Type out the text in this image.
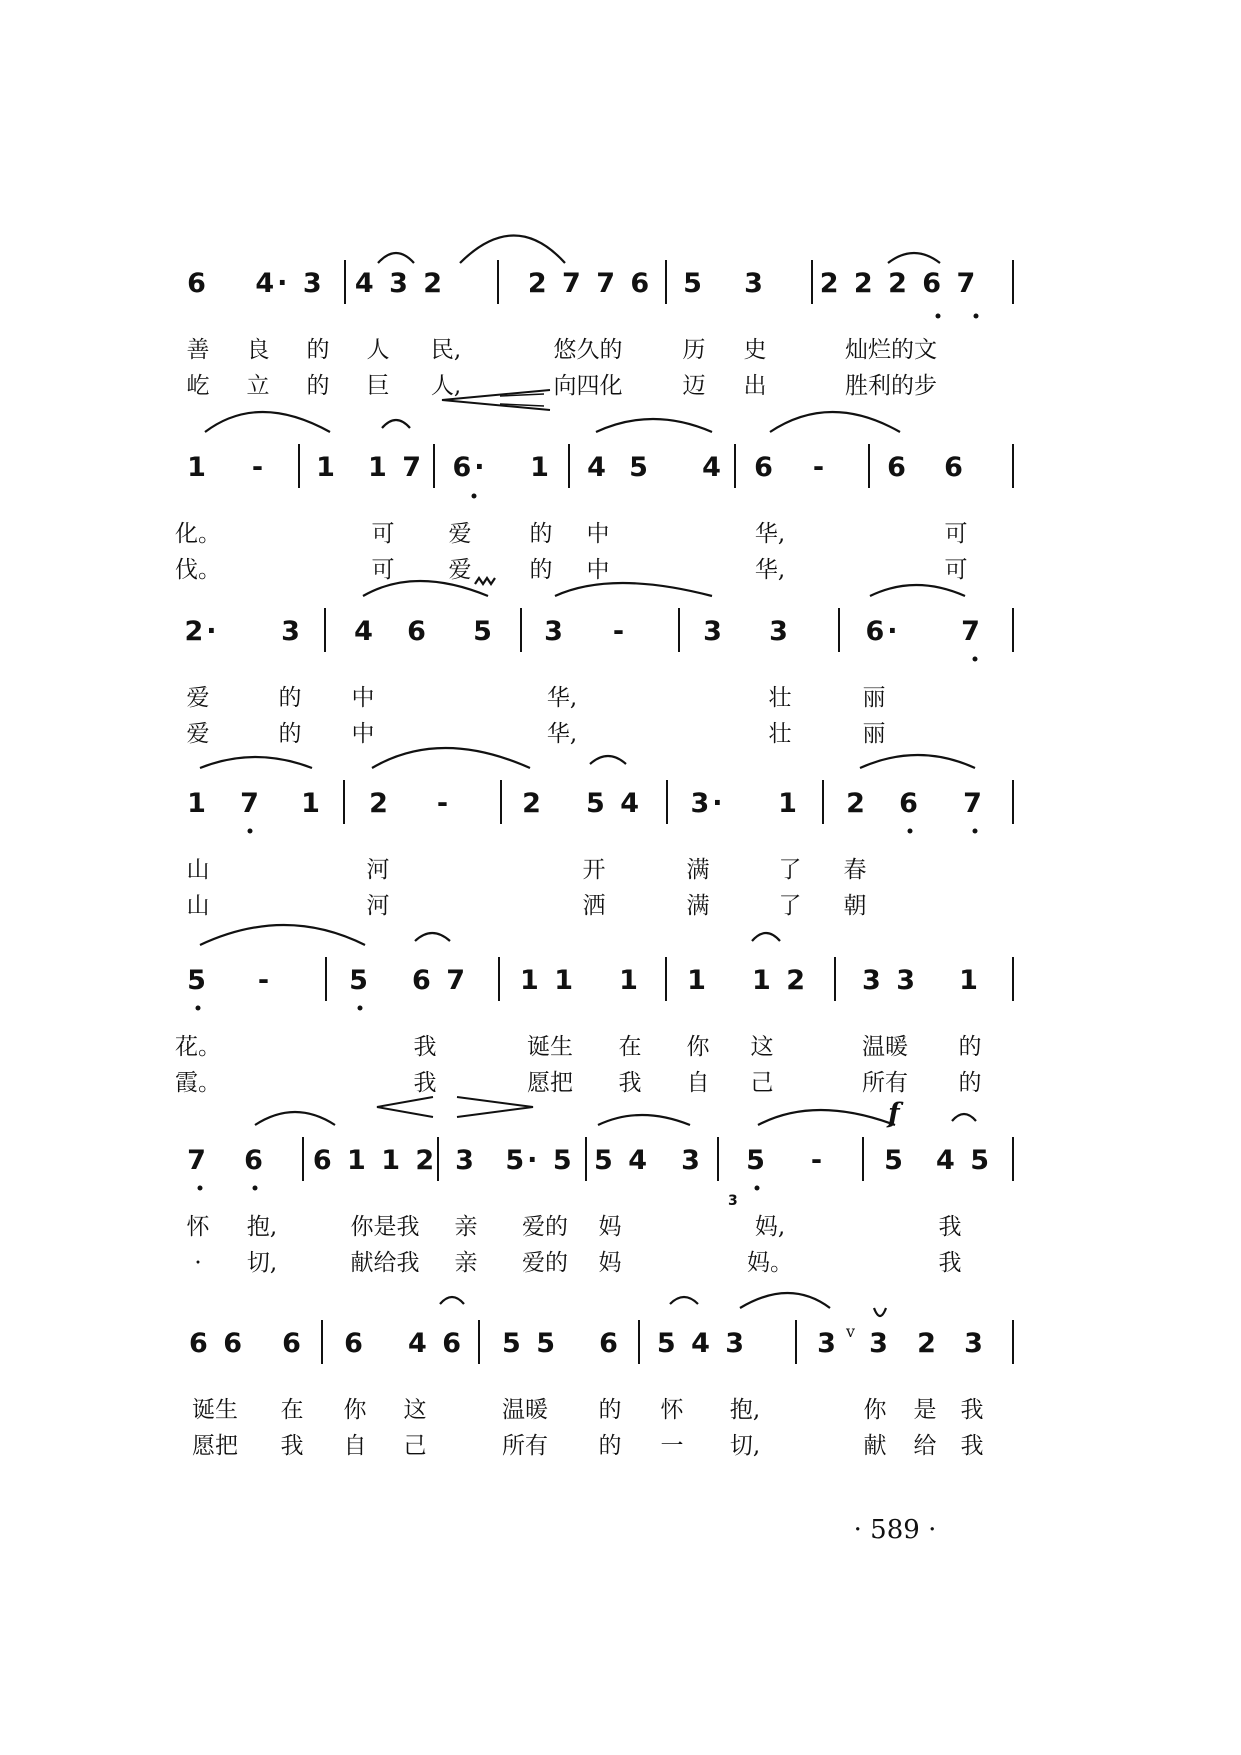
6 4· 3 4 3 2	2 7 7 6 5 3 2 2 2 6 7
善 良 的 人 民,	悠久的	历 史	灿烂的文
屹 立 的 巨 人,	向四化	迈 出	胜利的步
1 - 1 1 7 6· 1 4 5 4 6 - 6 6
化。	可 爱	的 中	华,	可
伐。	可 爱	的 中	华,	可
2· 3 4 6 5 3 -	3 3	6· 7
爱	的 中	华,	壮	丽
爱	的 中	华,	壮	丽
1 7 1 2 -	2 5 4 3· 1 2 6 7
山	河	开	满	了 春
山	河	洒	满	了 朝
5 -	5 6 7 1 1 1 1 1 2 3 3 1
花。	我	诞生 在 你 这	温暖 的
霞。	我	愿把 我 自 己	所有 的
f
7 6 6 1 1 2 3 5· 5 5 4 3
3
5 - 5 4 5
怀 抱,	你是我 亲 爱的 妈	妈,	我
· 切,	献给我 亲 爱的 妈	妈。	我
6 6 6 6 4 6 5 5 6 5 4 3	3 3 2 3
诞生 在 你 这	温暖 的 怀 抱,	你 是 我
愿把 我 自 己	所有 的 一 切,	献 给 我
v
· 589 ·
